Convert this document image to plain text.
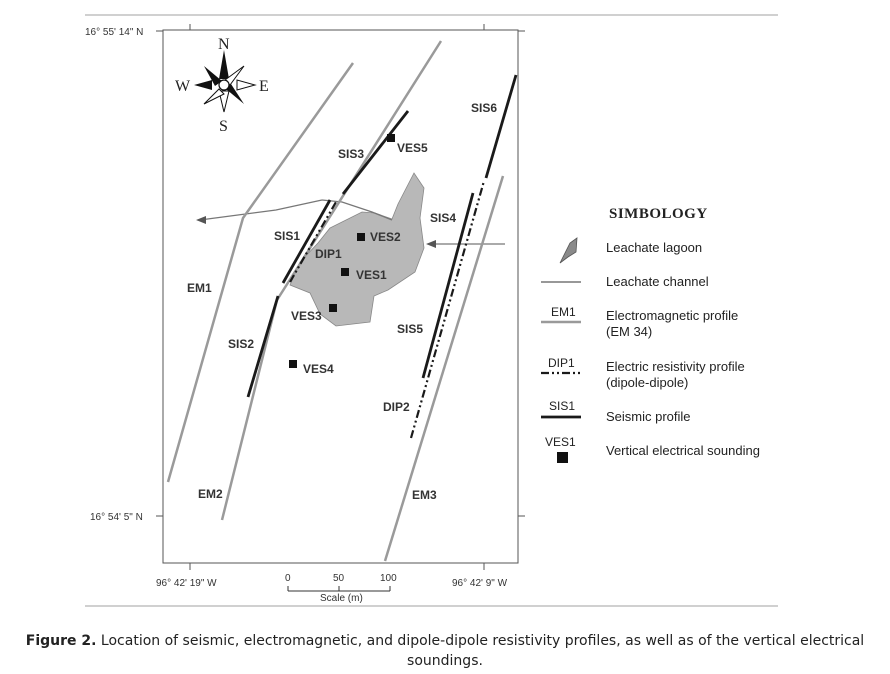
16° 55' 14" N
16° 54' 5" N
96° 42' 19" W	96° 42' 9" W
EM1
EM2	EM3
SIS1
SIS2
SIS3
SIS4
SIS5
SIS6
DIP1
DIP2
VES1
VES2
VES3
VES4
VES5
N
S
W	E
0	50	100
Scale (m)
SIMBOLOGY
Leachate lagoon
Leachate channel
EM1 Electromagnetic profile
(EM 34)
DIP1 Electric resistivity profile
(dipole-dipole)
SIS1
Seismic profile
VES1
Vertical electrical sounding
Figure 2. Location of seismic, electromagnetic, and dipole-dipole resistivity profiles, as well as of the vertical electrical soundings.
